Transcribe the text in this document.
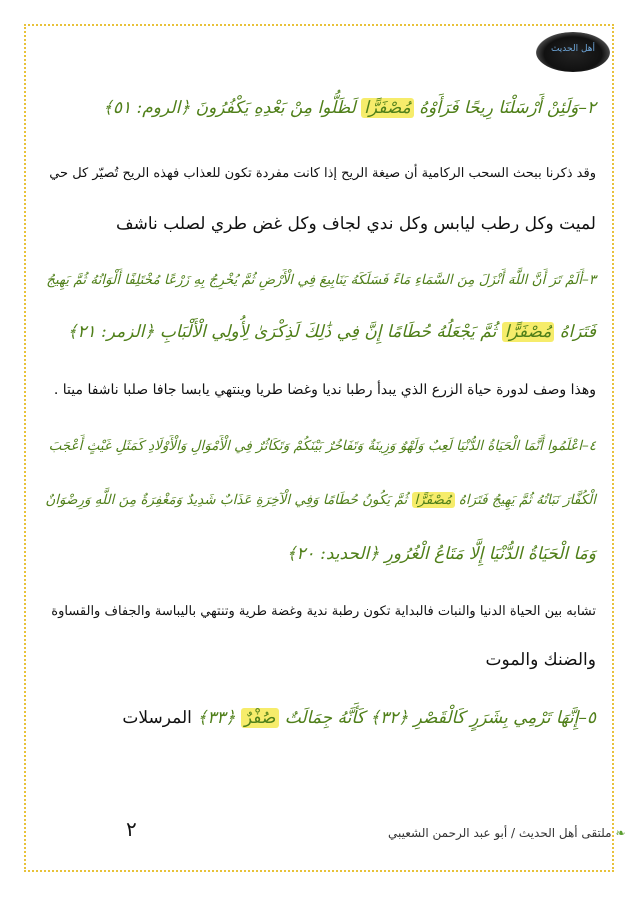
أهل الحديث
٢–وَلَئِنْ أَرْسَلْنَا رِيحًا فَرَأَوْهُ مُصْفَرًّا لَظَلُّوا مِنْ بَعْدِهِ يَكْفُرُونَ ﴿الروم: ٥١﴾
وقد ذكرنا ببحث السحب الركامية أن صيغة الريح إذا كانت مفردة تكون للعذاب فهذه الريح تُصيّر كل حي
لميت وكل رطب ليابس وكل ندي لجاف وكل غض طري لصلب ناشف
٣–أَلَمْ تَرَ أَنَّ اللَّهَ أَنْزَلَ مِنَ السَّمَاءِ مَاءً فَسَلَكَهُ يَنَابِيعَ فِي الْأَرْضِ ثُمَّ يُخْرِجُ بِهِ زَرْعًا مُخْتَلِفًا أَلْوَانُهُ ثُمَّ يَهِيجُ
فَتَرَاهُ مُصْفَرًّا ثُمَّ يَجْعَلُهُ حُطَامًا إِنَّ فِي ذَٰلِكَ لَذِكْرَىٰ لِأُولِي الْأَلْبَابِ ﴿الزمر: ٢١﴾
وهذا وصف لدورة حياة الزرع الذي يبدأ رطبا نديا وغضا طريا وينتهي يابسا جافا صلبا ناشفا ميتا .
٤–اعْلَمُوا أَنَّمَا الْحَيَاةُ الدُّنْيَا لَعِبٌ وَلَهْوٌ وَزِينَةٌ وَتَفَاخُرٌ بَيْنَكُمْ وَتَكَاثُرٌ فِي الْأَمْوَالِ وَالْأَوْلَادِ كَمَثَلِ غَيْثٍ أَعْجَبَ
الْكُفَّارَ نَبَاتُهُ ثُمَّ يَهِيجُ فَتَرَاهُ مُصْفَرًّا ثُمَّ يَكُونُ حُطَامًا وَفِي الْآخِرَةِ عَذَابٌ شَدِيدٌ وَمَغْفِرَةٌ مِنَ اللَّهِ وَرِضْوَانٌ
وَمَا الْحَيَاةُ الدُّنْيَا إِلَّا مَتَاعُ الْغُرُورِ ﴿الحديد: ٢٠﴾
تشابه بين الحياة الدنيا والنبات فالبداية تكون رطبة ندية وغضة طرية وتنتهي باليباسة والجفاف والقساوة
والضنك والموت
٥–إِنَّهَا تَرْمِي بِشَرَرٍ كَالْقَصْرِ ﴿٣٢﴾ كَأَنَّهُ جِمَالَتٌ صُفْرٌ ﴿٣٣﴾ المرسلات
٢	❧ملتقى أهل الحديث / أبو عبد الرحمن الشعيبي
